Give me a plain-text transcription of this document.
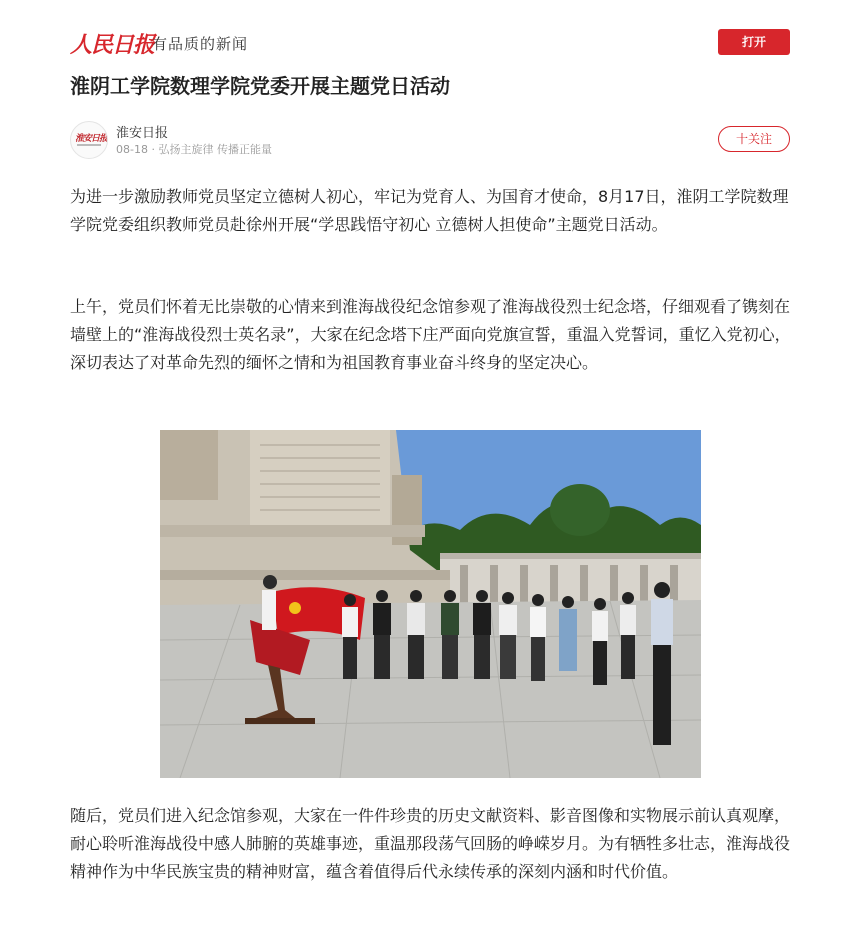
人民日报
有品质的新闻	打开
淮阴工学院数理学院党委开展主题党日活动
淮安日报 淮安日报
08-18 · 弘扬主旋律 传播正能量
十关注

为进一步激励教师党员坚定立德树人初心，牢记为党育人、为国育才使命，8月17日，淮阴工学院数理学院党委组织教师党员赴徐州开展“学思践悟守初心 立德树人担使命”主题党日活动。

上午，党员们怀着无比崇敬的心情来到淮海战役纪念馆参观了淮海战役烈士纪念塔，仔细观看了镌刻在墙壁上的“淮海战役烈士英名录”，大家在纪念塔下庄严面向党旗宣誓，重温入党誓词，重忆入党初心，深切表达了对革命先烈的缅怀之情和为祖国教育事业奋斗终身的坚定决心。

随后，党员们进入纪念馆参观，大家在一件件珍贵的历史文献资料、影音图像和实物展示前认真观摩，耐心聆听淮海战役中感人肺腑的英雄事迹，重温那段荡气回肠的峥嵘岁月。为有牺牲多壮志，淮海战役精神作为中华民族宝贵的精神财富，蕴含着值得后代永续传承的深刻内涵和时代价值。
